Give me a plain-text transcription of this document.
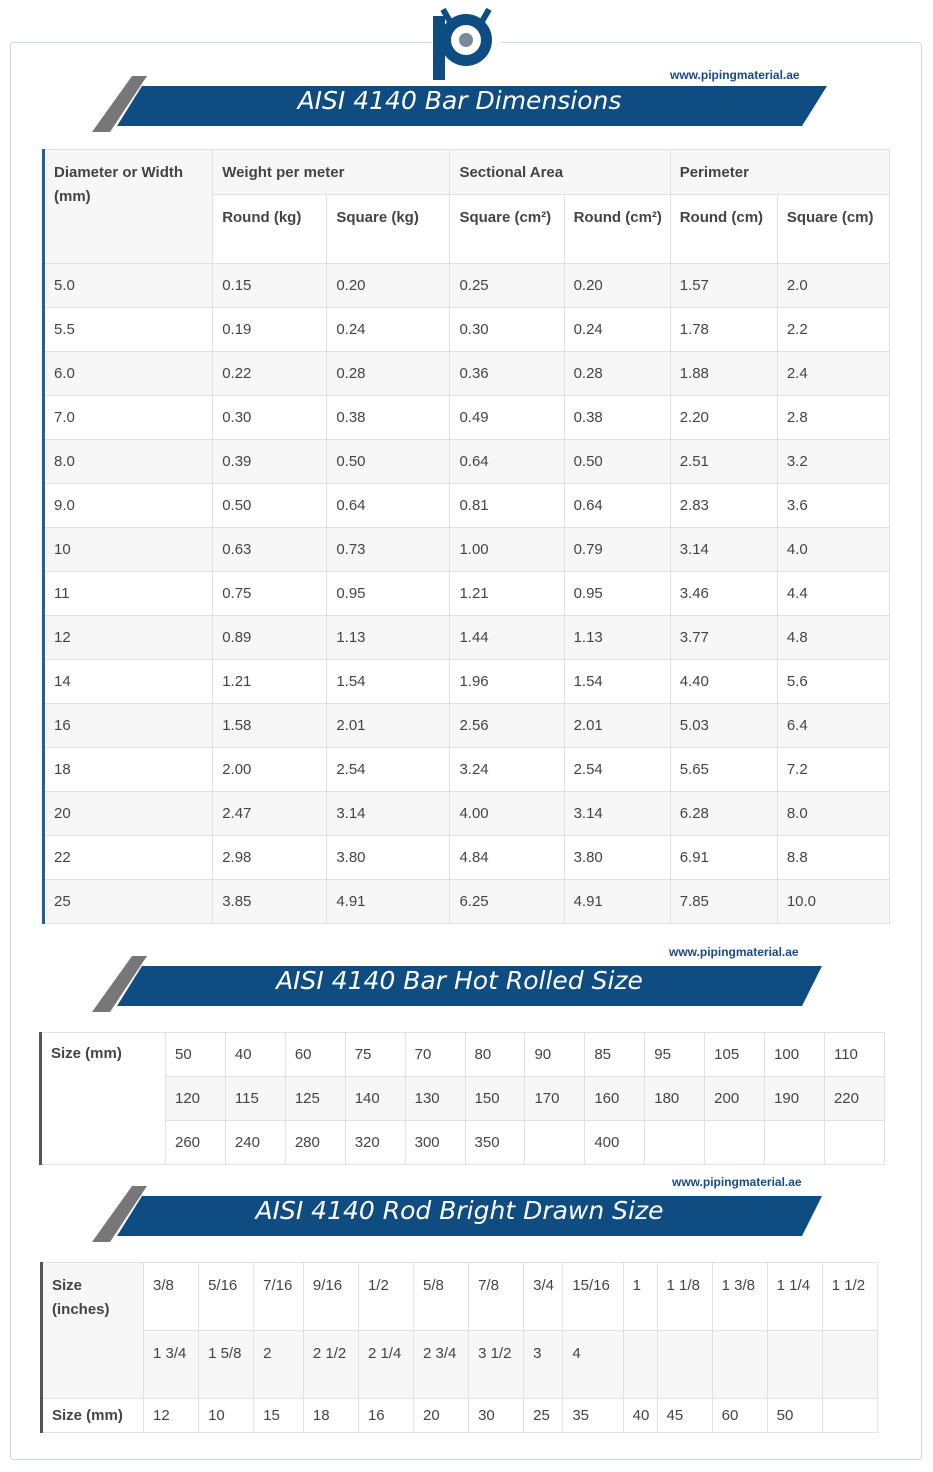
www.pipingmaterial.ae
AISI 4140 Bar Dimensions
Diameter or Width (mm)	Weight per meter		Sectional Area		Perimeter	
	Round (kg)	Square (kg)	Square (cm²)	Round (cm²)	Round (cm)	Square (cm)
5.0	0.15	0.20	0.25	0.20	1.57	2.0
5.5	0.19	0.24	0.30	0.24	1.78	2.2
6.0	0.22	0.28	0.36	0.28	1.88	2.4
7.0	0.30	0.38	0.49	0.38	2.20	2.8
8.0	0.39	0.50	0.64	0.50	2.51	3.2
9.0	0.50	0.64	0.81	0.64	2.83	3.6
10	0.63	0.73	1.00	0.79	3.14	4.0
11	0.75	0.95	1.21	0.95	3.46	4.4
12	0.89	1.13	1.44	1.13	3.77	4.8
14	1.21	1.54	1.96	1.54	4.40	5.6
16	1.58	2.01	2.56	2.01	5.03	6.4
18	2.00	2.54	3.24	2.54	5.65	7.2
20	2.47	3.14	4.00	3.14	6.28	8.0
22	2.98	3.80	4.84	3.80	6.91	8.8
25	3.85	4.91	6.25	4.91	7.85	10.0
www.pipingmaterial.ae
AISI 4140 Bar Hot Rolled Size
Size (mm)	50	40	60	75	70	80	90	85	95	105	100	110
	120	115	125	140	130	150	170	160	180	200	190	220
	260	240	280	320	300	350		400				
www.pipingmaterial.ae
AISI 4140 Rod Bright Drawn Size
Size (inches)	3/8	5/16	7/16	9/16	1/2	5/8	7/8	3/4	15/16	1	1 1/8	1 3/8	1 1/4	1 1/2
	1 3/4	1 5/8	2	2 1/2	2 1/4	2 3/4	3 1/2	3	4					
Size (mm)	12	10	15	18	16	20	30	25	35	40	45	60	50	
